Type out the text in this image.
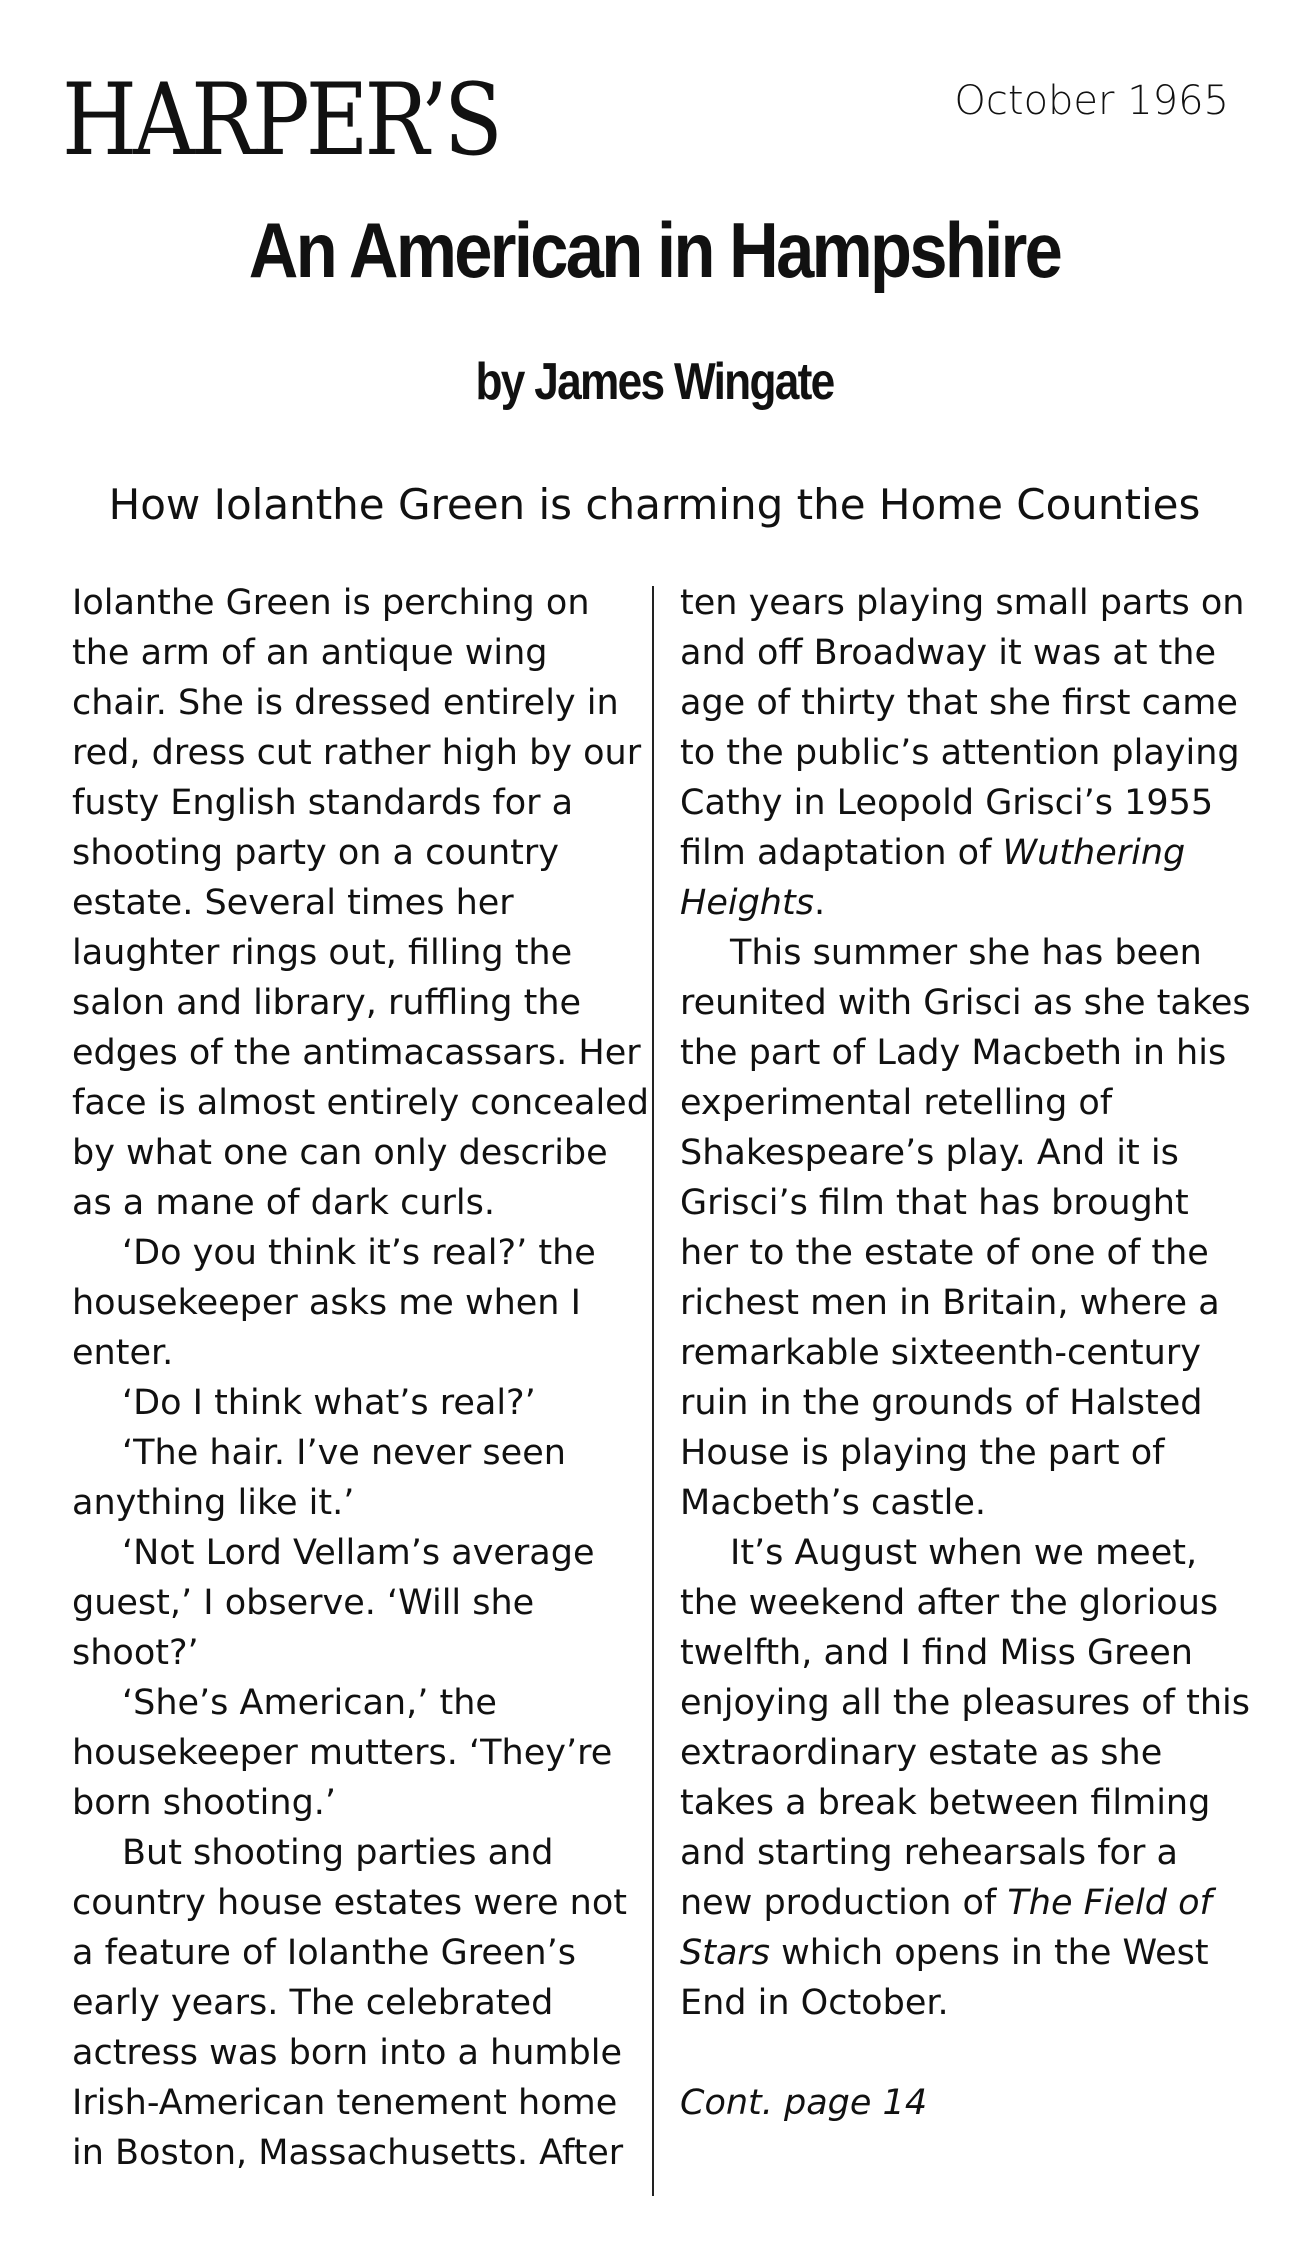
HARPER’S	October 1965
An American in Hampshire
by James Wingate
How Iolanthe Green is charming the Home Counties
Iolanthe Green is perching on
the arm of an antique wing
chair. She is dressed entirely in
red, dress cut rather high by our
fusty English standards for a
shooting party on a country
estate. Several times her
laughter rings out, filling the
salon and library, ruffling the
edges of the antimacassars. Her
face is almost entirely concealed
by what one can only describe
as a mane of dark curls.
‘Do you think it’s real?’ the
housekeeper asks me when I
enter.
‘Do I think what’s real?’
‘The hair. I’ve never seen
anything like it.’
‘Not Lord Vellam’s average
guest,’ I observe. ‘Will she
shoot?’
‘She’s American,’ the
housekeeper mutters. ‘They’re
born shooting.’
But shooting parties and
country house estates were not
a feature of Iolanthe Green’s
early years. The celebrated
actress was born into a humble
Irish-American tenement home
in Boston, Massachusetts. After
ten years playing small parts on
and off Broadway it was at the
age of thirty that she first came
to the public’s attention playing
Cathy in Leopold Grisci’s 1955
film adaptation of Wuthering
Heights.
This summer she has been
reunited with Grisci as she takes
the part of Lady Macbeth in his
experimental retelling of
Shakespeare’s play. And it is
Grisci’s film that has brought
her to the estate of one of the
richest men in Britain, where a
remarkable sixteenth-century
ruin in the grounds of Halsted
House is playing the part of
Macbeth’s castle.
It’s August when we meet,
the weekend after the glorious
twelfth, and I find Miss Green
enjoying all the pleasures of this
extraordinary estate as she
takes a break between filming
and starting rehearsals for a
new production of The Field of
Stars which opens in the West
End in October.
Cont. page 14
